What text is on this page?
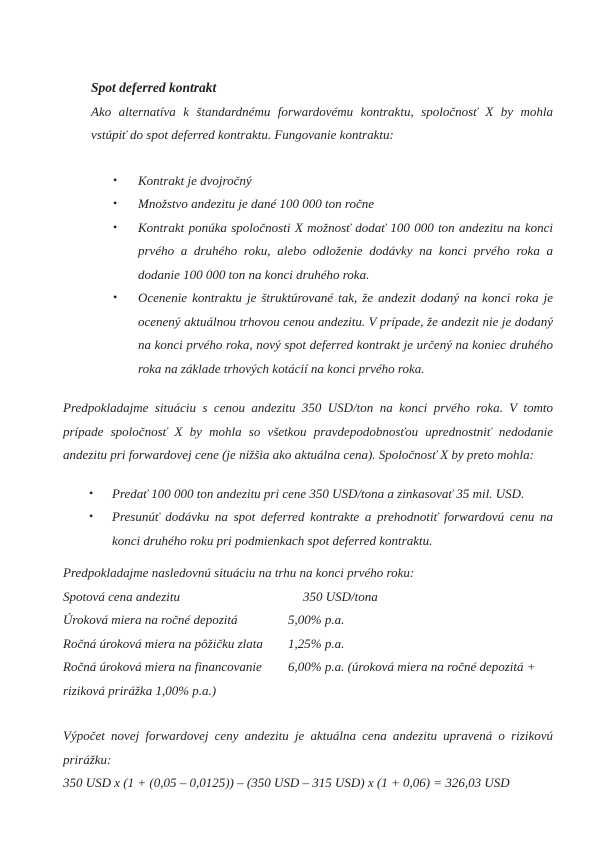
Spot deferred kontrakt

Ako alternatíva k štandardnému forwardovému kontraktu, spoločnosť X by mohla vstúpiť do spot deferred kontraktu. Fungovanie kontraktu:

•	Kontrakt je dvojročný
•	Množstvo andezitu je dané 100 000 ton ročne
•	Kontrakt ponúka spoločnosti X možnosť dodať 100 000 ton andezitu na konci prvého a druhého roku, alebo odloženie dodávky na konci prvého roka a dodanie 100 000 ton na konci druhého roka.
•	Ocenenie kontraktu je štruktúrované tak, že andezit dodaný na konci roka je ocenený aktuálnou trhovou cenou andezitu. V prípade, že andezit nie je dodaný na konci prvého roka, nový spot deferred kontrakt je určený na koniec druhého roka na základe trhových kotácií na konci prvého roka.

Predpokladajme situáciu s cenou andezitu 350 USD/ton na konci prvého roka. V tomto prípade spoločnosť X by mohla so všetkou pravdepodobnosťou uprednostniť nedodanie andezitu pri forwardovej cene (je nižšia ako aktuálna cena). Spoločnosť X by preto mohla:

•	Predať 100 000 ton andezitu pri cene 350 USD/tona a zinkasovať 35 mil. USD.
•	Presunúť dodávku na spot deferred kontrakte a prehodnotiť forwardovú cenu na konci druhého roku pri podmienkach spot deferred kontraktu.

Predpokladajme nasledovnú situáciu na trhu na konci prvého roku:

Spotová cena andezitu	350 USD/tona

Úroková miera na ročné depozitá	5,00% p.a.

Ročná úroková miera na pôžičku zlata 1,25% p.a.

Ročná úroková miera na financovanie 6,00% p.a. (úroková miera na ročné depozitá + riziková prirážka 1,00% p.a.)

Výpočet novej forwardovej ceny andezitu je aktuálna cena andezitu upravená o rizikovú prirážku:

350 USD x (1 + (0,05 – 0,0125)) – (350 USD – 315 USD) x (1 + 0,06) = 326,03 USD
